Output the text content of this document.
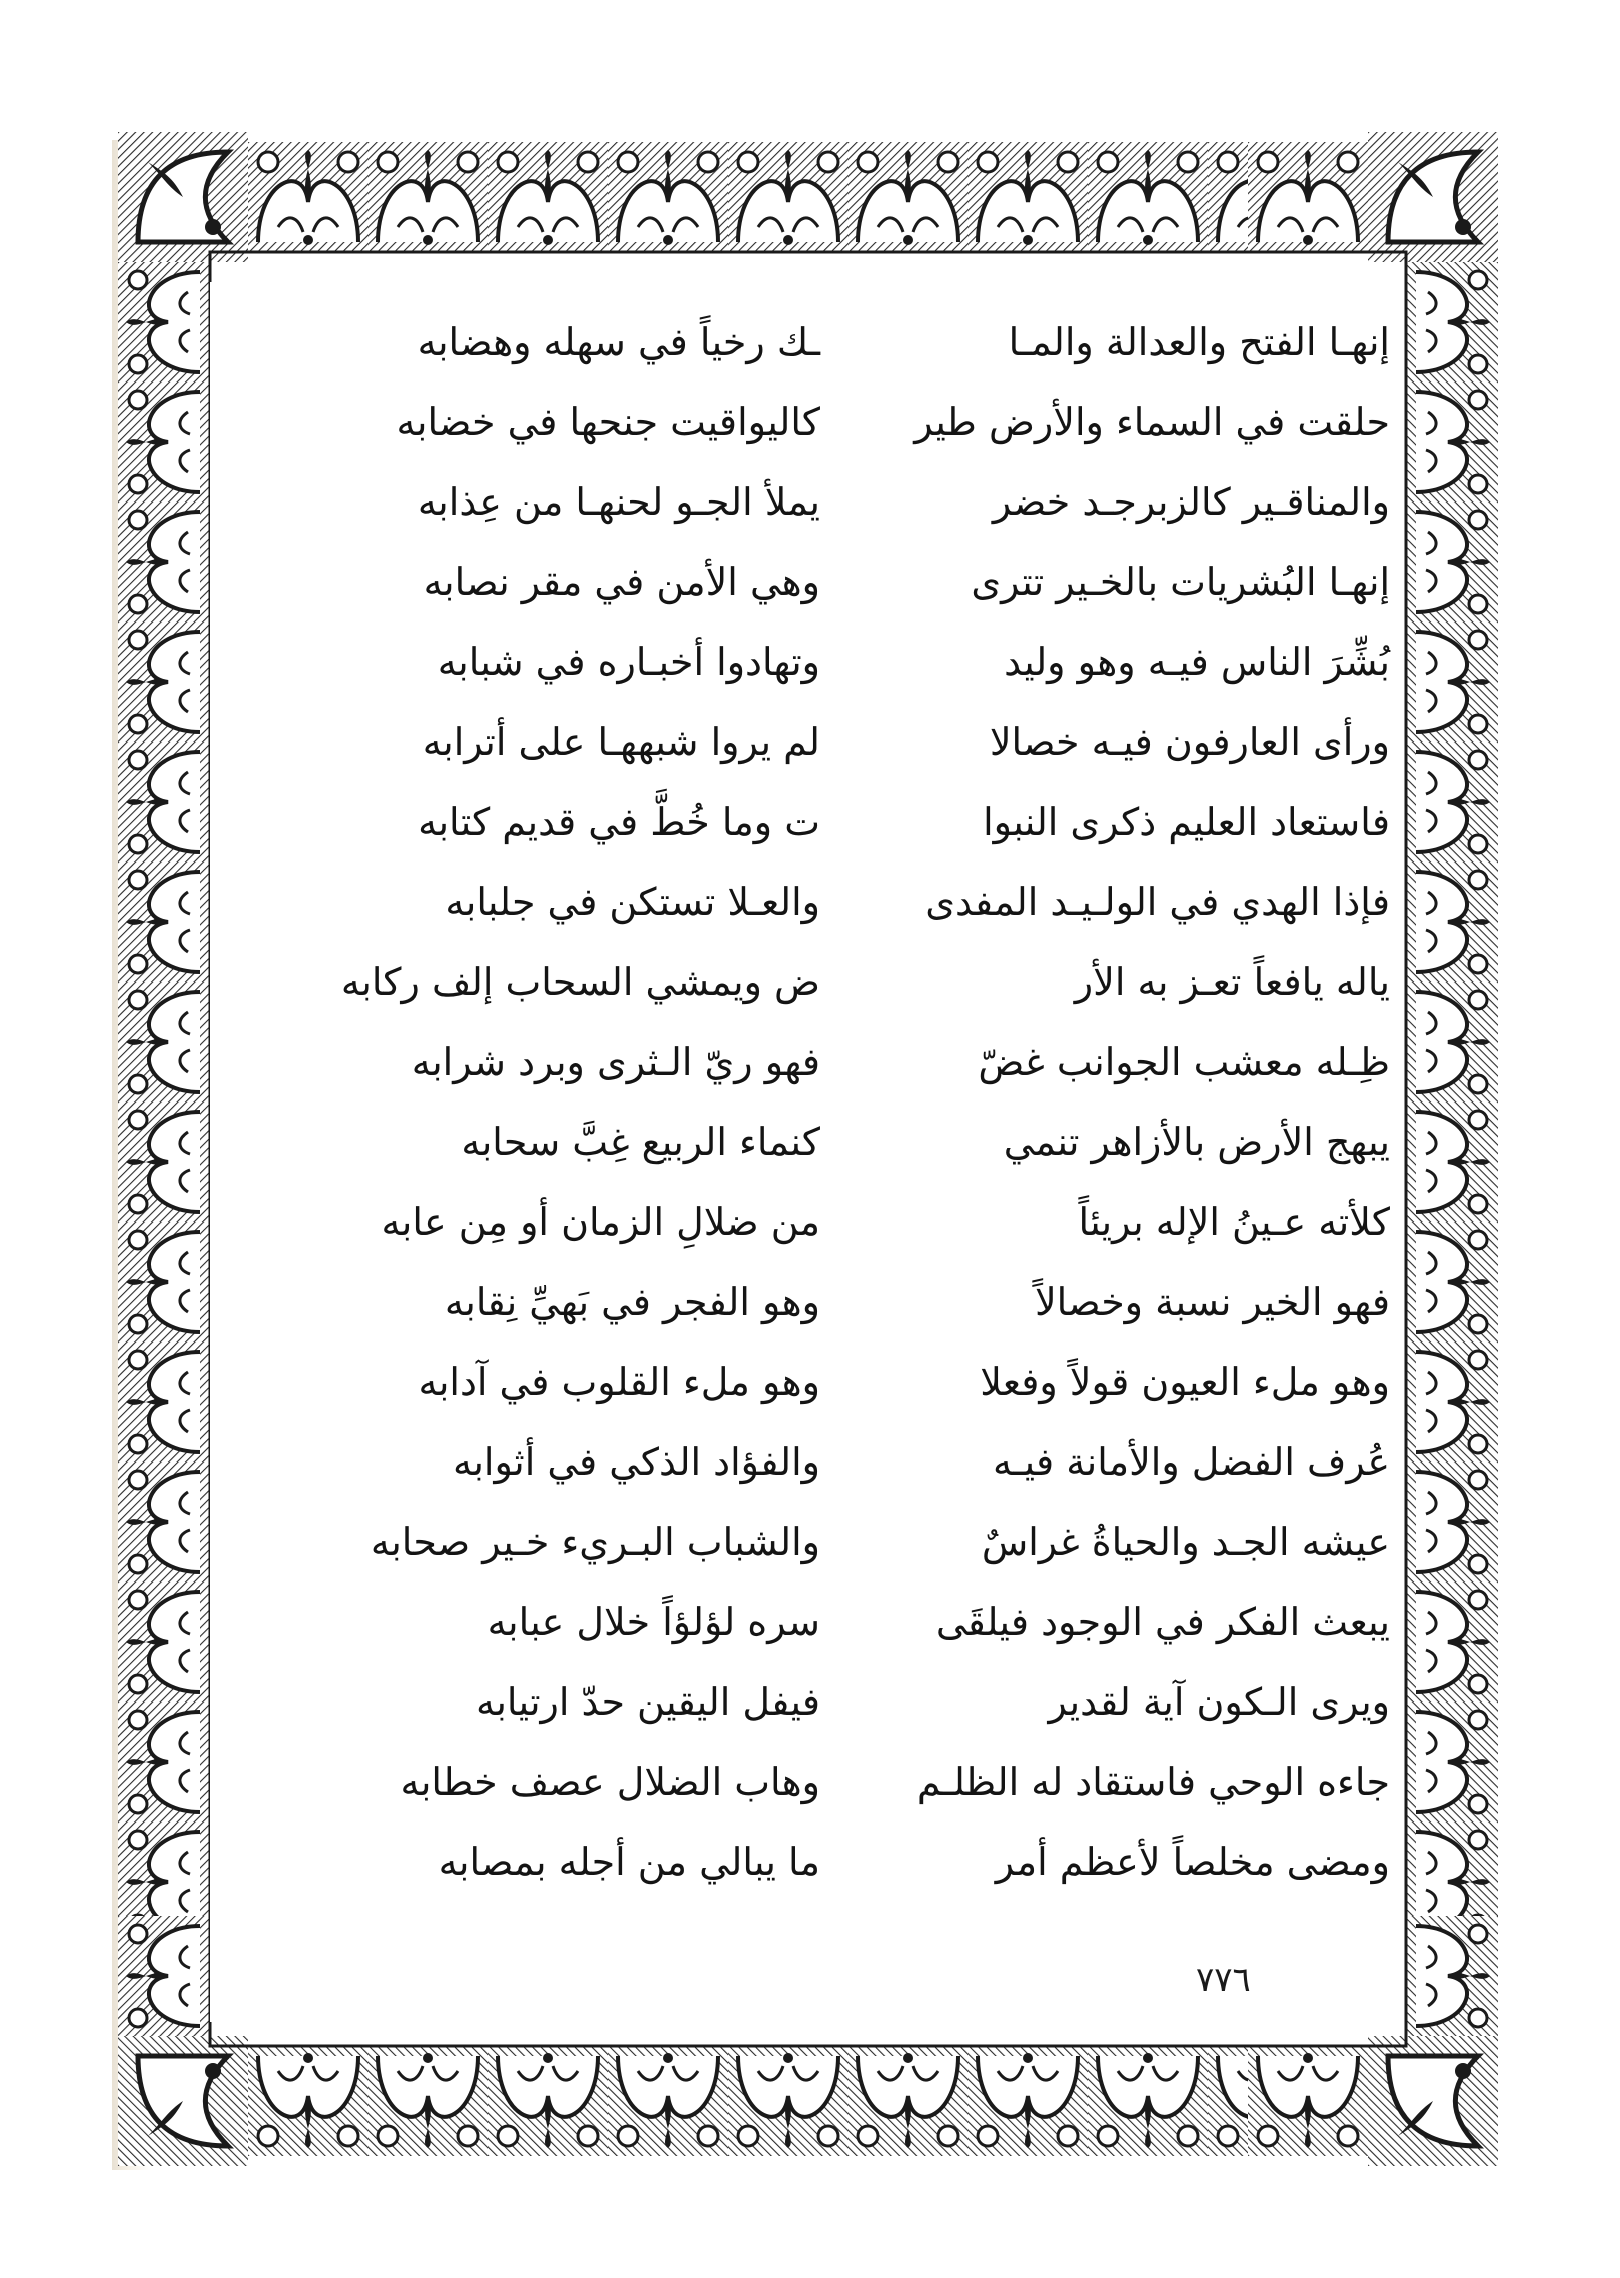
إنهـا الفتح والعدالة والمـا
ـك رخياً في سهله وهضابه
حلقت في السماء والأرض طير
كاليواقيت جنحها في خضابه
والمناقـير كالزبرجـد خضر
يملأ الجـو لحنهـا من عِذابه
إنهـا البُشريات بالخـير تترى
وهي الأمن في مقر نصابه
بُشِّرَ الناس فيـه وهو وليد
وتهادوا أخبـاره في شبابه
ورأى العارفون فيـه خصالا
لم يروا شبههـا على أترابه
فاستعاد العليم ذكرى النبوا
ت وما خُطَّ في قديم كتابه
فإذا الهدي في الولـيـد المفدى
والعـلا تستكن في جلبابه
ياله يافعاً تعـز به الأر
ض ويمشي السحاب إلف ركابه
ظِـله معشب الجوانب غضّ
فهو ريّ الـثرى وبرد شرابه
يبهج الأرض بالأزاهر تنمي
كنماء الربيع غِبَّ سحابه
كلأته عـينُ الإله بريئاً
من ضلالِ الزمان أو مِن عابه
فهو الخير نسبة وخصالاً
وهو الفجر في بَهيِّ نِقابه
وهو ملء العيون قولاً وفعلا
وهو ملء القلوب في آدابه
عُرف الفضل والأمانة فيـه
والفؤاد الذكي في أثوابه
عيشه الجـد والحياةُ غراسٌ
والشباب البـريء خـير صحابه
يبعث الفكر في الوجود فيلقَى
سره لؤلؤاً خلال عبابه
ويرى الـكون آية لقدير
فيفل اليقين حدّ ارتيابه
جاءه الوحي فاستقاد له الظلـم
وهاب الضلال عصف خطابه
ومضى مخلصاً لأعظم أمر
ما يبالي من أجله بمصابه
٧٧٦
